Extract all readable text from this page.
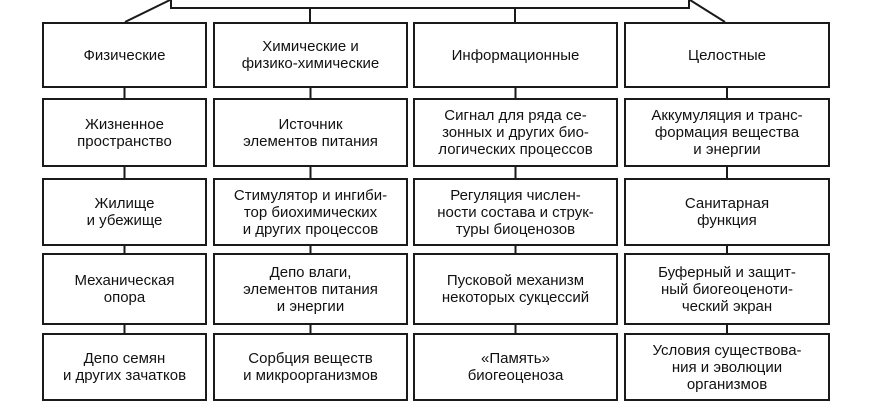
Физические
Жизненное
пространство
Жилище
и убежище
Механическая
опора
Депо семян
и других зачатков
Химические и
физико-химические
Источник
элементов питания
Стимулятор и ингиби-
тор биохимических
и других процессов
Депо влаги,
элементов питания
и энергии
Сорбция веществ
и микроорганизмов
Информационные
Сигнал для ряда се-
зонных и других био-
логических процессов
Регуляция числен-
ности состава и струк-
туры биоценозов
Пусковой механизм
некоторых сукцессий
«Память»
биогеоценоза
Целостные
Аккумуляция и транс-
формация вещества
и энергии
Санитарная
функция
Буферный и защит-
ный биогеоценоти-
ческий экран
Условия существова-
ния и эволюции
организмов
